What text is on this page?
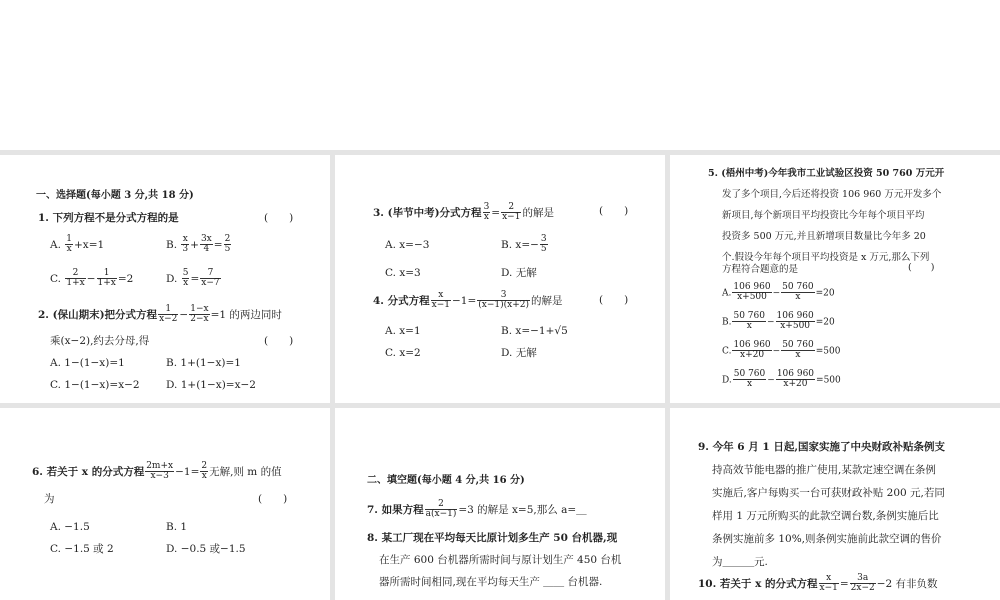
一、选择题(每小题 3 分,共 18 分)
1. 下列方程不是分式方程的是	(　　)
A. $\frac{1}{x} +x=1$	B. $\frac{x}{3} + \frac{3x}{4} = \frac{2}{5}$
C. $\frac{2}{1+x} - \frac{1}{1+x} =2$	D. $\frac{5}{x} = \frac{7}{x-7}$
2. (保山期末)把分式方程 $\frac{1}{x-2} - \frac{1-x}{2-x} =1$ 的两边同时
乘(x−2),约去分母,得	(　　)
A. 1−(1−x)=1	B. 1+(1−x)=1
C. 1−(1−x)=x−2	D. 1+(1−x)=x−2
3. (毕节中考)分式方程 $\frac{3}{x} = \frac{2}{x-1}$ 的解是	(　　)
A. x=−3	B. $x=- \frac{3}{5}$
C. x=3	D. 无解
4. 分式方程 $\frac{x}{x-1} -1= \frac{3}{(x-1)(x+2)}$ 的解是	(　　)
A. x=1	B. x=−1+√5
C. x=2	D. 无解
5. (梧州中考)今年我市工业试验区投资 50 760 万元开
发了多个项目,今后还将投资 106 960 万元开发多个
新项目,每个新项目平均投资比今年每个项目平均
投资多 500 万元,并且新增项目数量比今年多 20
个.假设今年每个项目平均投资是 x 万元,那么下列
方程符合题意的是	(　　)
A. $\frac{106 960}{x+500} - \frac{50 760}{x} =20$
B. $\frac{50 760}{x} - \frac{106 960}{x+500} =20$
C. $\frac{106 960}{x+20} - \frac{50 760}{x} =500$
D. $\frac{50 760}{x} - \frac{106 960}{x+20} =500$
6. 若关于 x 的分式方程 $\frac{2m+x}{x-3} -1= \frac{2}{x}$ 无解,则 m 的值
为	(　　)
A. −1.5	B. 1
C. −1.5 或 2	D. −0.5 或−1.5
二、填空题(每小题 4 分,共 16 分)
7. 如果方程 $\frac{2}{a(x-1)} =3$ 的解是 x=5,那么 a=＿
8. 某工厂现在平均每天比原计划多生产 50 台机器,现
在生产 600 台机器所需时间与原计划生产 450 台机
器所需时间相同,现在平均每天生产 ＿＿ 台机器.
9. 今年 6 月 1 日起,国家实施了中央财政补贴条例支
持高效节能电器的推广使用,某款定速空调在条例
实施后,客户每购买一台可获财政补贴 200 元,若同
样用 1 万元所购买的此款空调台数,条例实施后比
条例实施前多 10%,则条例实施前此款空调的售价
为＿＿＿元.
10. 若关于 x 的分式方程 $\frac{x}{x-1} = \frac{3a}{2x-2} -2$ 有非负数
